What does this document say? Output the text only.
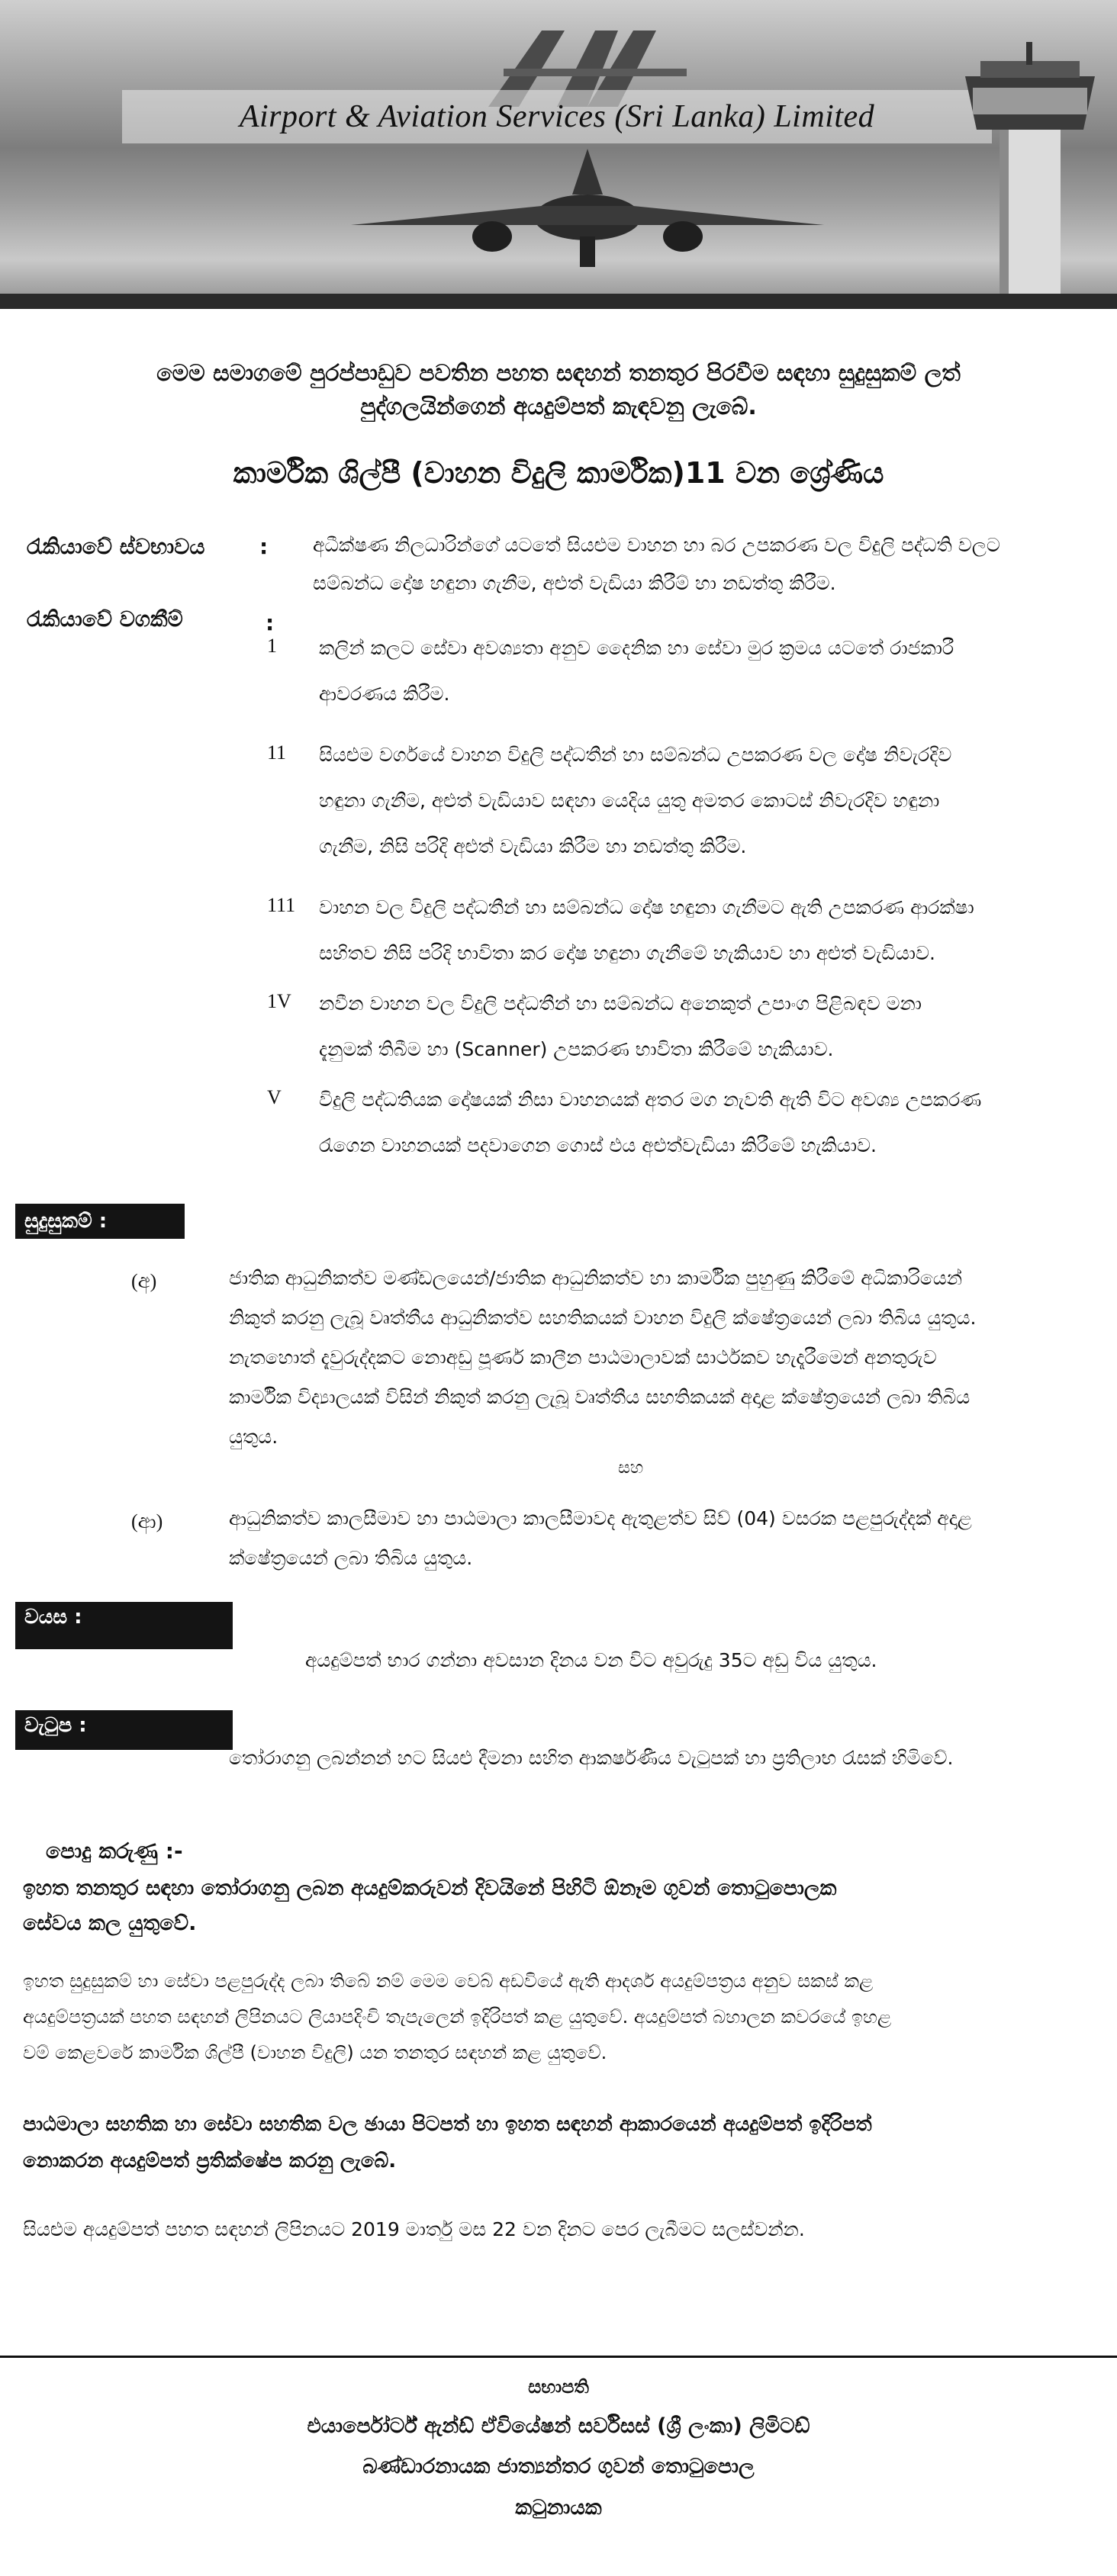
AA
Airport & Aviation Services (Sri Lanka) Limited
මෙම සමාගමේ පුරප්පාඩුව පවතින පහත සඳහන් තනතුර පිරවීම සඳහා සුදුසුකම් ලත්
පුද්ගලයින්ගෙන් අයදුම්පත් කැඳවනු ලැබේ.
කාර්මික ශිල්පී (වාහන විදුලි කාර්මික)11 වන ශ්‍රේණිය
රැකියාවේ ස්වභාවය	: අධීක්ෂණ නිලධාරින්ගේ යටතේ සියළුම වාහන හා බර උපකරණ වල විදුලි පද්ධති වලට
සම්බන්ධ දෝෂ හඳුනා ගැනීම, අළුත් වැඩියා කිරීම් හා නඩත්තු කිරීම.
රැකියාවේ වගකීම්	:
1 කලින් කලට සේවා අවශ්‍යතා අනුව දෛනික හා සේවා මුර ක්‍රමය යටතේ රාජකාරී
ආවරණය කිරීම.
11 සියළුම වර්ගයේ වාහන විදුලි පද්ධතීන් හා සම්බන්ධ උපකරණ වල දෝෂ නිවැරදිව
හඳුනා ගැනීම, අළුත් වැඩියාව සඳහා යෙදිය යුතු අමතර කොටස් නිවැරදිව හඳුනා
ගැනීම, නිසි පරිදි අළුත් වැඩියා කිරීම හා නඩත්තු කිරීම.
111 වාහන වල විදුලි පද්ධතීන් හා සම්බන්ධ දෝෂ හඳුනා ගැනීමට ඇති උපකරණ ආරක්ෂා
සහිතව නිසි පරිදි භාවිතා කර දෝෂ හඳුනා ගැනීමේ හැකියාව හා අළුත් වැඩියාව.
1V නවීන වාහන වල විදුලි පද්ධතීන් හා සම්බන්ධ අනෙකුත් උපාංග පිළිබඳව මනා
දැනුමක් තිබීම හා (Scanner) උපකරණ භාවිතා කිරීමේ හැකියාව.
V විදුලි පද්ධතියක දෝෂයක් නිසා වාහනයක් අතර මග නැවති ඇති විට අවශ්‍ය උපකරණ
රැගෙන වාහනයක් පදවාගෙන ගොස් එය අළුත්වැඩියා කිරීමේ හැකියාව.
සුදුසුකම් :
(අ)	ජාතික ආධුනිකත්ව මණ්ඩලයෙන්/ජාතික ආධුනිකත්ව හා කාර්මික පුහුණු කිරීමේ අධිකාරියෙන්
නිකුත් කරනු ලැබූ වෘත්තීය ආධුනිකත්ව සහතිකයක් වාහන විදුලි ක්ෂේත්‍රයෙන් ලබා තිබිය යුතුය.
නැතහොත් දැවුරුද්දකට නොඅඩු පූර්ණ කාලීන පාඨමාලාවක් සාර්ථකව හැදෑරීමෙන් අනතුරුව
කාර්මික විද්‍යාලයක් විසින් නිකුත් කරනු ලැබූ වෘත්තීය සහතිකයක් අදාළ ක්ෂේත්‍රයෙන් ලබා තිබිය
යුතුය.
සහ
(ආ)	ආධුනිකත්ව කාලසීමාව හා පාඨමාලා කාලසීමාවද ඇතුළත්ව සිව් (04) වසරක පළපුරුද්දක් අදාළ
ක්ෂේත්‍රයෙන් ලබා තිබිය යුතුය.
වයස :
අයදුම්පත් භාර ගන්නා අවසාන දිනය වන විට අවුරුදු 35ට අඩු විය යුතුය.
වැටුප :
තෝරාගනු ලබන්නන් හට සියළු දීමනා සහිත ආකර්ෂණීය වැටුපක් හා ප්‍රතිලාභ රැසක් හිමිවේ.
පොදු කරුණු :-
ඉහත තනතුර සඳහා තෝරාගනු ලබන අයදුම්කරුවන් දිවයිනේ පිහිටි ඕනෑම ගුවන් තොටුපොලක
සේවය කල යුතුවේ.
ඉහත සුදුසුකම් හා සේවා පළපුරුද්ද ලබා තිබේ නම් මෙම වෙබ් අඩවියේ ඇති ආදර්ශ අයදුම්පත්‍රය අනුව සකස් කළ
අයදුම්පත්‍රයක් පහත සඳහන් ලිපිනයට ලියාපදිංචි තැපැලෙන් ඉදිරිපත් කළ යුතුවේ. අයදුම්පත් බහාලන කවරයේ ඉහළ
වම් කෙළවරේ කාර්මික ශිල්පී (වාහන විදුලි) යන තනතුර සඳහන් කළ යුතුවේ.
පාඨමාලා සහතික හා සේවා සහතික වල ඡායා පිටපත් හා ඉහත සඳහන් ආකාරයෙන් අයදුම්පත් ඉදිරිපත්
නොකරන අයදුම්පත් ප්‍රතික්ෂේප කරනු ලැබේ.
සියළුම අයදුම්පත් පහත සඳහන් ලිපිනයට 2019 මාර්තු මස 22 වන දිනට පෙර ලැබීමට සලස්වන්න.
සභාපති
එයාර්පෝර්ට් ඇන්ඩ් ඒවියේෂන් සර්විසස් (ශ්‍රී ලංකා) ලිමිටඩ්
බණ්ඩාරනායක ජාත්‍යන්තර ගුවන් තොටුපොල
කටුනායක
